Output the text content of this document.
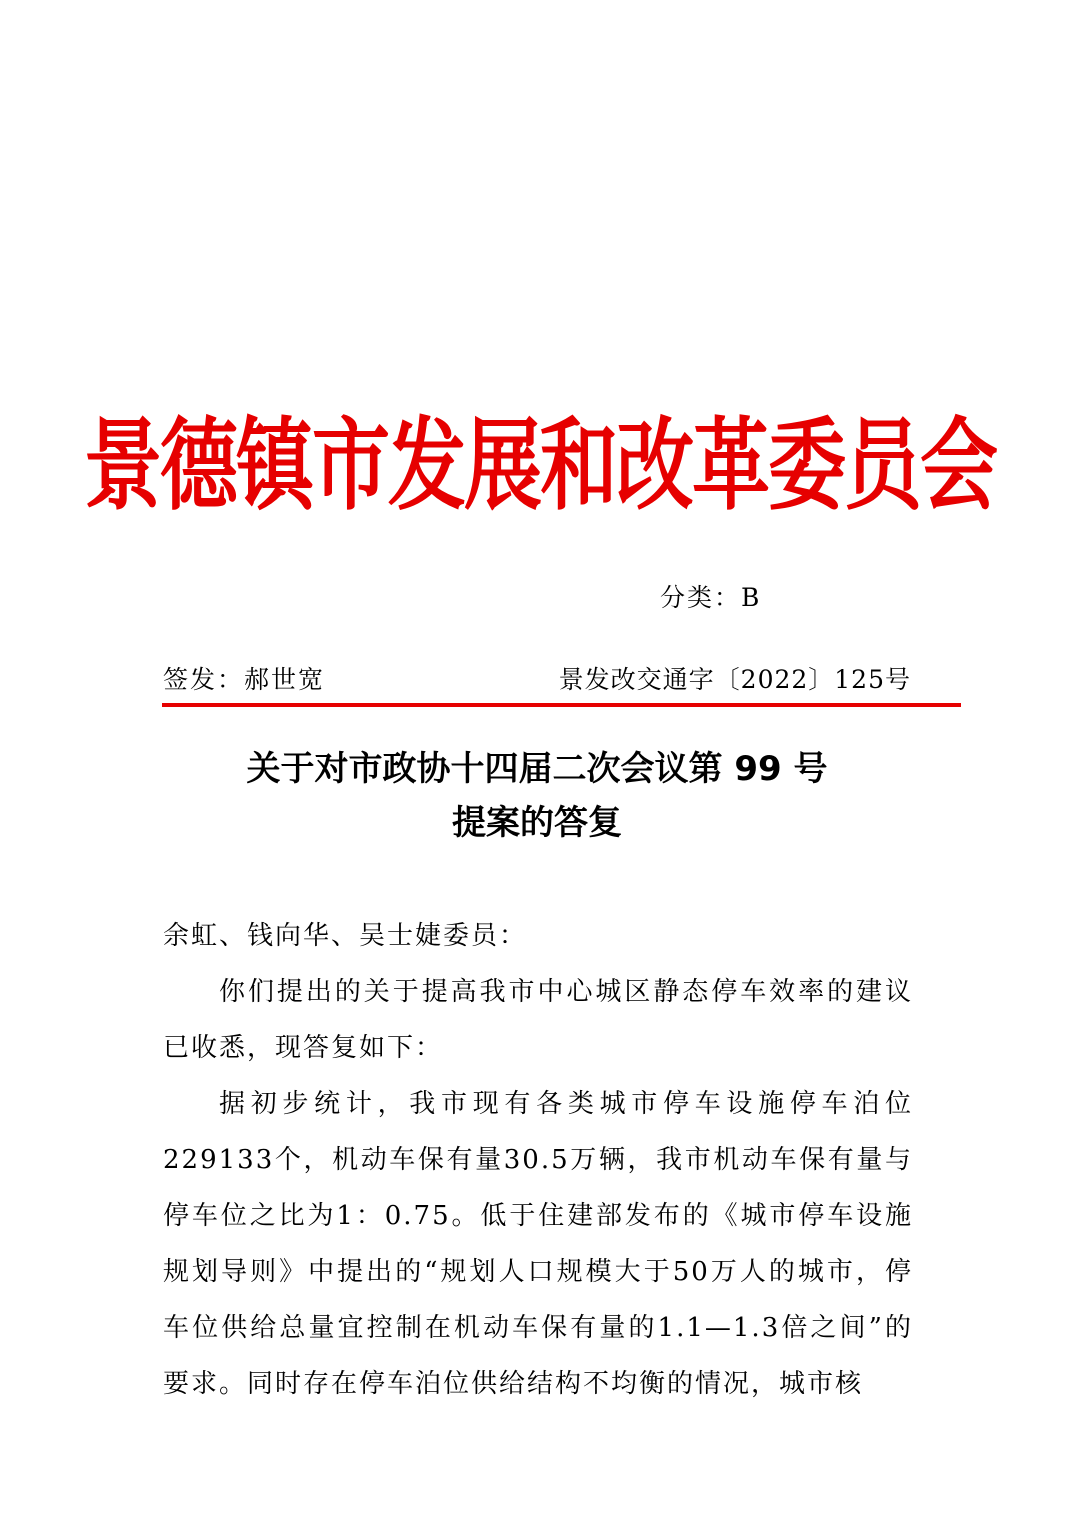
景德镇市发展和改革委员会
分类：B
签发：郝世宽	景发改交通字〔2022〕125号
关于对市政协十四届二次会议第 99 号
提案的答复
余虹、钱向华、吴士婕委员：
你们提出的关于提高我市中心城区静态停车效率的建议已收悉，现答复如下：
据初步统计，我市现有各类城市停车设施停车泊位229133个，机动车保有量30.5万辆，我市机动车保有量与停车位之比为1：0.75。低于住建部发布的《城市停车设施规划导则》中提出的“规划人口规模大于50万人的城市，停车位供给总量宜控制在机动车保有量的1.1—1.3倍之间”的要求。同时存在停车泊位供给结构不均衡的情况，城市核
